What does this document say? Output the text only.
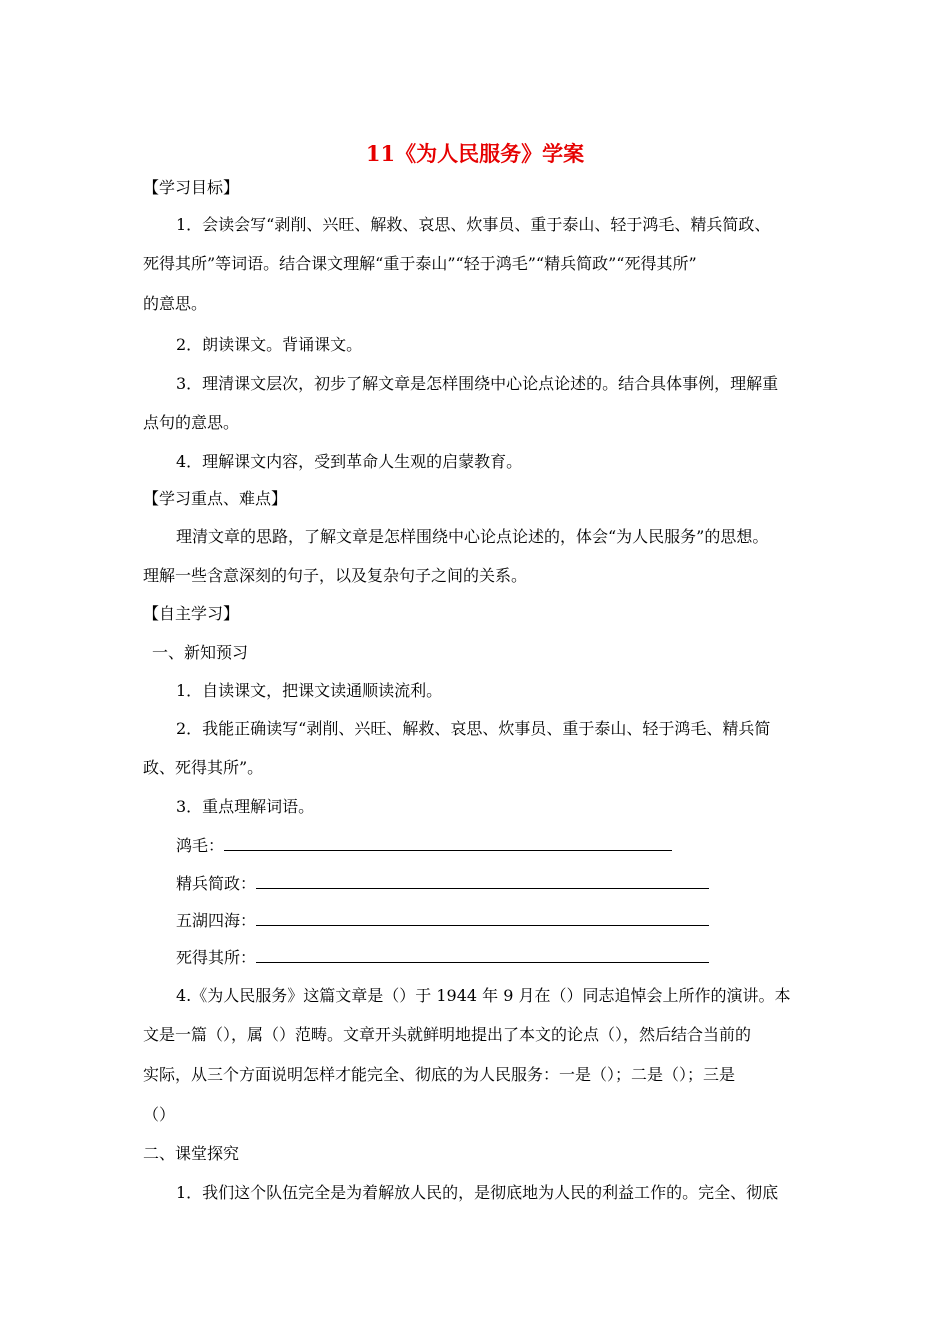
11《为人民服务》学案
【学习目标】
1．会读会写“剥削、兴旺、解救、哀思、炊事员、重于泰山、轻于鸿毛、精兵简政、
死得其所”等词语。结合课文理解“重于泰山”“轻于鸿毛”“精兵简政”“死得其所”
的意思。
2．朗读课文。背诵课文。
3．理清课文层次，初步了解文章是怎样围绕中心论点论述的。结合具体事例，理解重
点句的意思。
4．理解课文内容，受到革命人生观的启蒙教育。
【学习重点、难点】
理清文章的思路，了解文章是怎样围绕中心论点论述的，体会“为人民服务”的思想。
理解一些含意深刻的句子，以及复杂句子之间的关系。
【自主学习】
一、新知预习
1．自读课文，把课文读通顺读流利。
2．我能正确读写“剥削、兴旺、解救、哀思、炊事员、重于泰山、轻于鸿毛、精兵简
政、死得其所”。
3．重点理解词语。
鸿毛：
精兵简政：
五湖四海：
死得其所：
4.《为人民服务》这篇文章是（）于 1944 年 9 月在（）同志追悼会上所作的演讲。本
文是一篇（），属（）范畴。文章开头就鲜明地提出了本文的论点（），然后结合当前的
实际，从三个方面说明怎样才能完全、彻底的为人民服务：一是（）；二是（）；三是
（）
二、课堂探究
1．我们这个队伍完全是为着解放人民的，是彻底地为人民的利益工作的。完全、彻底
